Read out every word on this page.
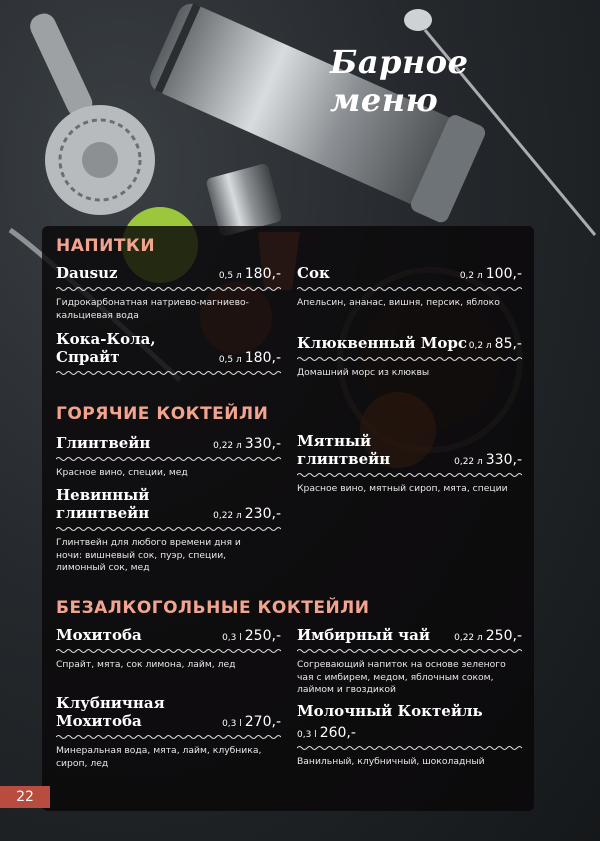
Барное меню
НАПИТКИ
Dausuz	0,5 л 180,-

Гидрокарбонатная натриево-магниево-кальциевая вода

Сок	0,2 л 100,-

Апельсин, ананас, вишня, персик, яблоко

Кока-Кола, Спрайт	0,5 л 180,-
Клюквенный Морс 0,2 л 85,-

Домашний морс из клюквы

ГОРЯЧИЕ КОКТЕЙЛИ
Глинтвейн	0,22 л 330,-

Красное вино, специи, мед

Мятный глинтвейн	0,22 л 330,-

Красное вино, мятный сироп, мята, специи

Невинный глинтвейн	0,22 л 230,-

Глинтвейн для любого времени дня и ночи: вишневый сок, пуэр, специи, лимонный сок, мед

БЕЗАЛКОГОЛЬНЫЕ КОКТЕЙЛИ
Мохитоба	0,3 l 250,-

Спрайт, мята, сок лимона, лайм, лед

Имбирный чай	0,22 л 250,-

Согревающий напиток на основе зеленого чая с имбирем, медом, яблочным соком, лаймом и гвоздикой

Клубничная Мохитоба	0,3 l 270,-

Минеральная вода, мята, лайм, клубника, сироп, лед

Молочный Коктейль
0,3 l 260,-

Ванильный, клубничный, шоколадный

22
